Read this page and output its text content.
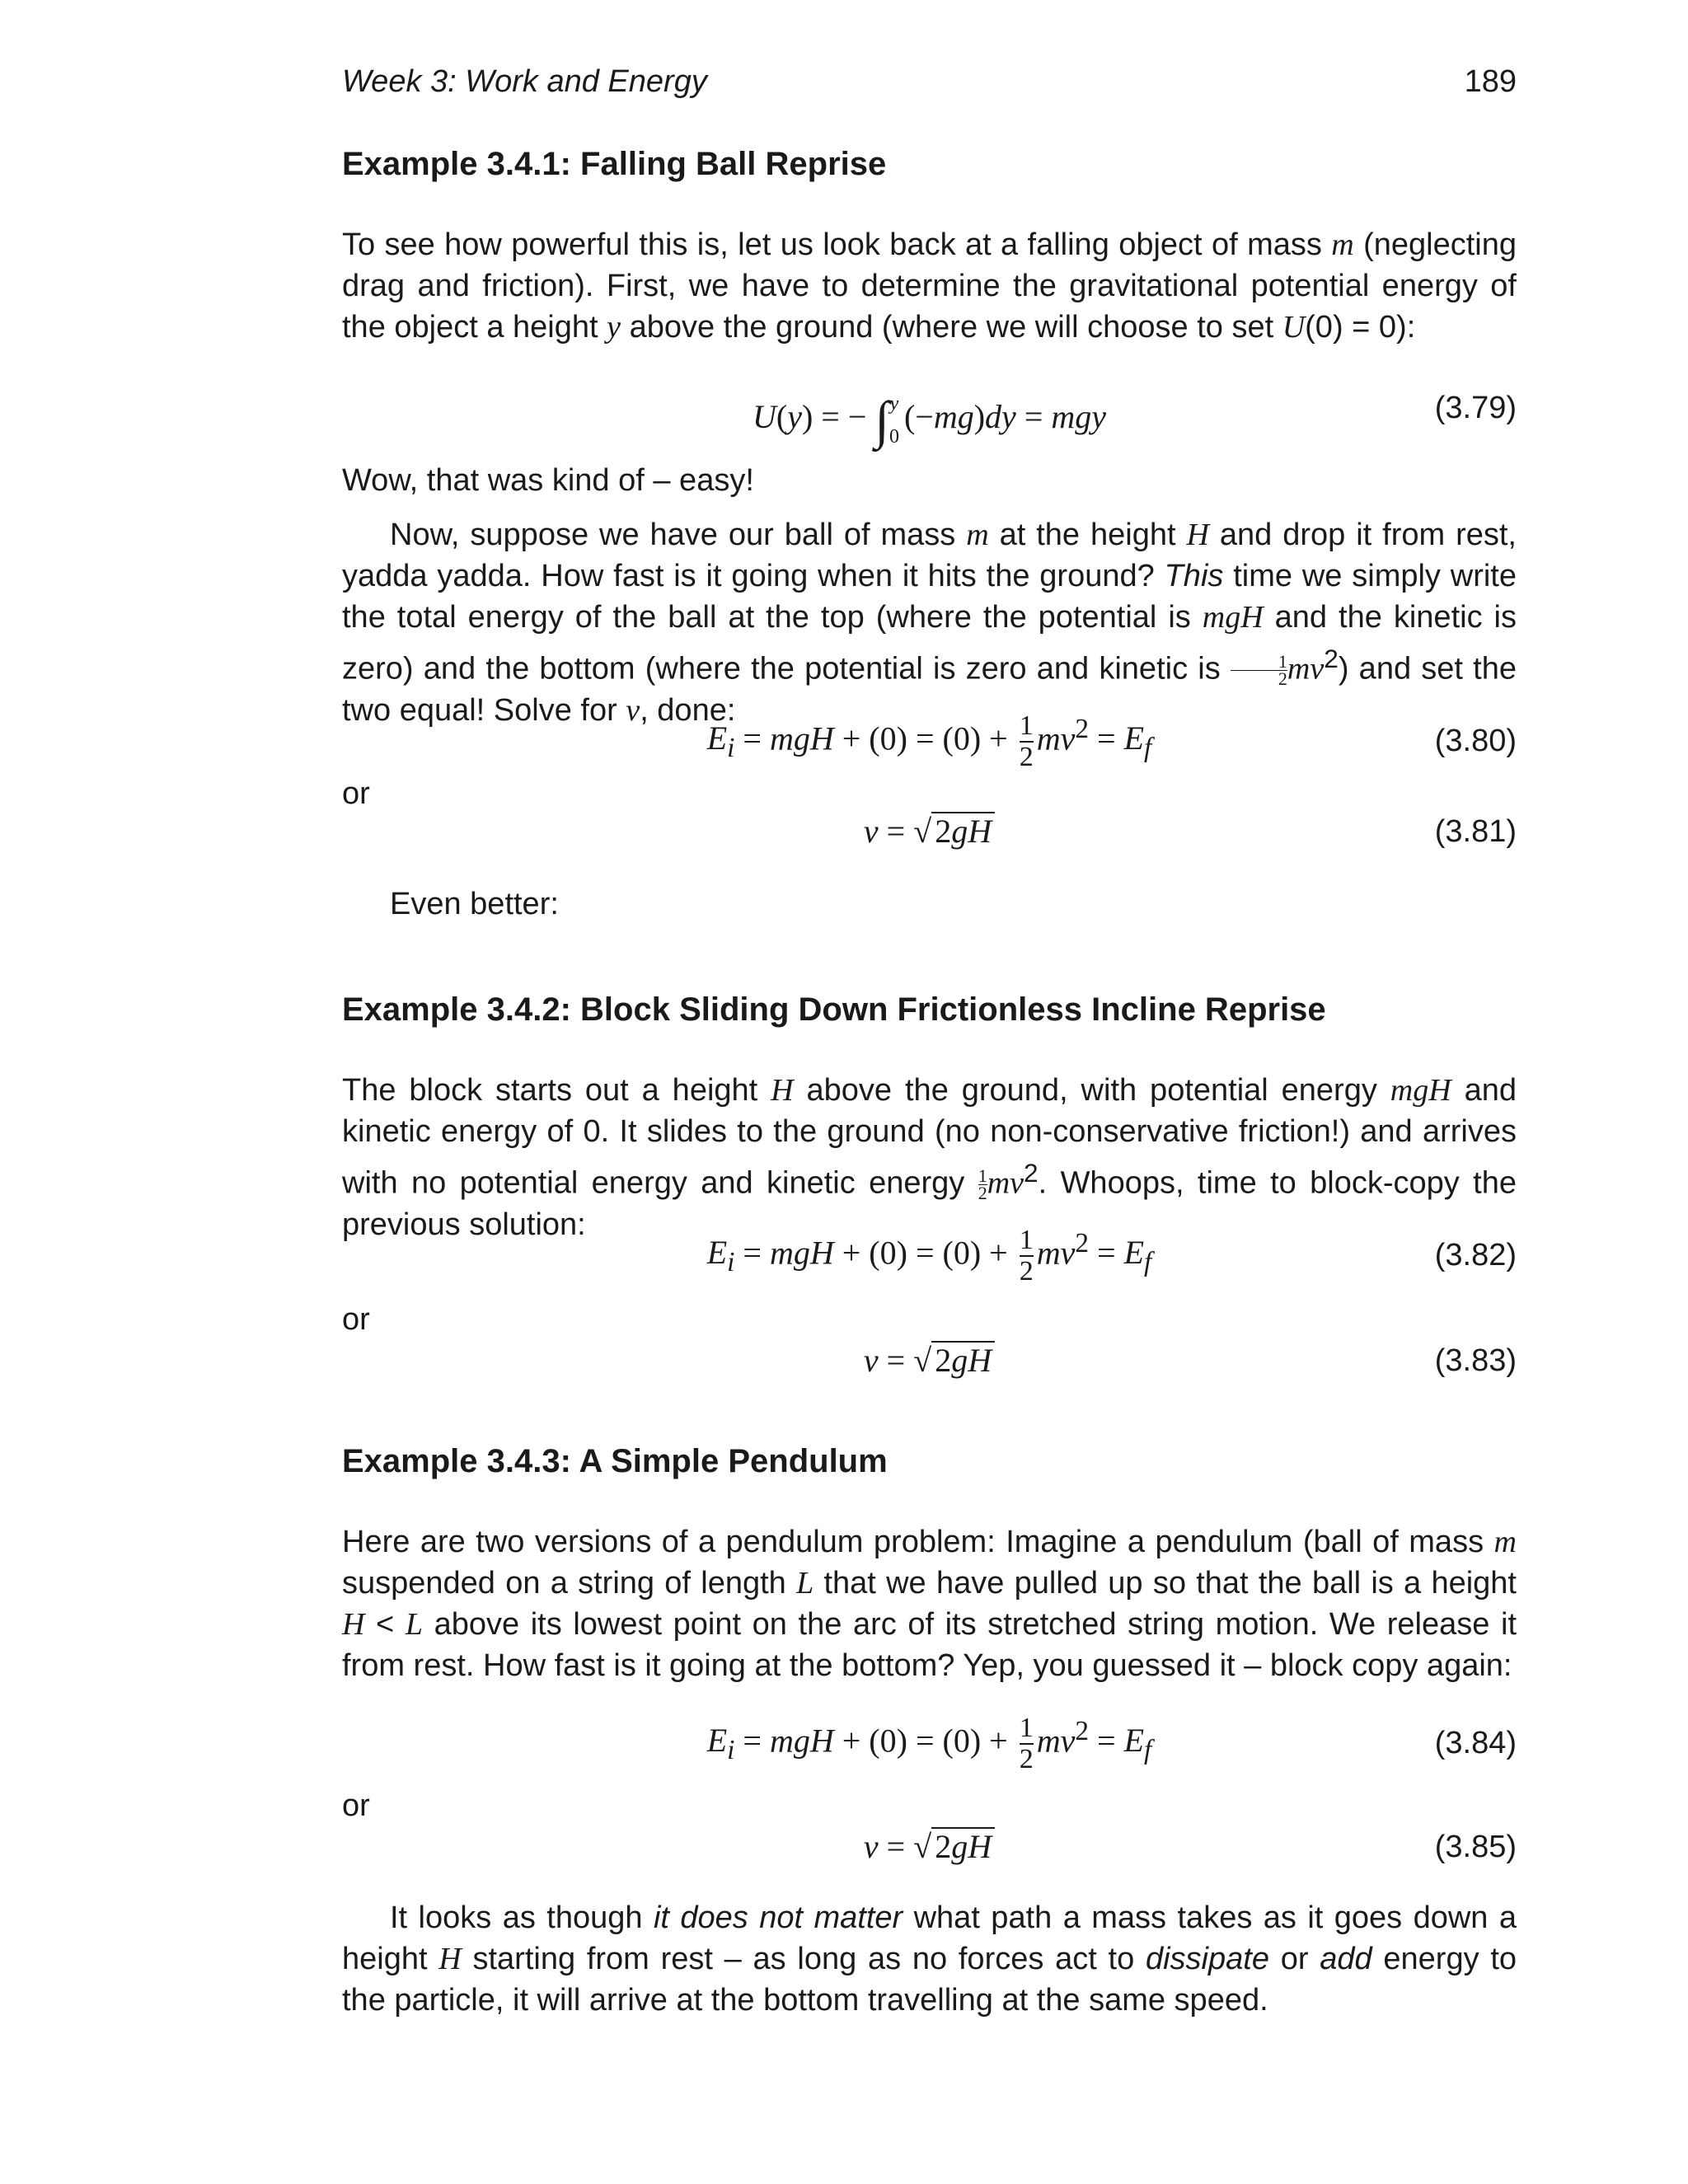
Week 3: Work and Energy	189
Example 3.4.1: Falling Ball Reprise
To see how powerful this is, let us look back at a falling object of mass m (neglecting drag and friction). First, we have to determine the gravitational potential energy of the object a height y above the ground (where we will choose to set U(0) = 0):
U(y) = − ∫ y
0
(−mg)dy = mgy	(3.79)
Wow, that was kind of – easy!
Now, suppose we have our ball of mass m at the height H and drop it from rest, yadda yadda. How fast is it going when it hits the ground? This time we simply write the total energy of the ball at the top (where the potential is mgH and the kinetic is zero) and the bottom (where the potential is zero and kinetic is $\frac{1}{2} mv^2$) and set the two equal! Solve for v, done:
$E_i$ = mgH + $(0) = (0) + \frac{1}{2} mv^2 = E_f$	(3.80)
or
v = √ 2gH	(3.81)
Even better:
Example 3.4.2: Block Sliding Down Frictionless Incline Reprise
The block starts out a height H above the ground, with potential energy mgH and kinetic energy of 0. It slides to the ground (no non-conservative friction!) and arrives with no potential energy and kinetic energy $\frac{1}{2} mv^2$. Whoops, time to block-copy the previous solution:
$E_i$ = mgH + $(0) = (0) + \frac{1}{2} mv^2 = E_f$	(3.82)
or
v = √ 2gH	(3.83)
Example 3.4.3: A Simple Pendulum
Here are two versions of a pendulum problem: Imagine a pendulum (ball of mass m suspended on a string of length L that we have pulled up so that the ball is a height H < L above its lowest point on the arc of its stretched string motion. We release it from rest. How fast is it going at the bottom? Yep, you guessed it – block copy again:
$E_i$ = mgH + $(0) = (0) + \frac{1}{2} mv^2 = E_f$	(3.84)
or
v = √ 2gH	(3.85)
It looks as though it does not matter what path a mass takes as it goes down a height H starting from rest – as long as no forces act to dissipate or add energy to the particle, it will arrive at the bottom travelling at the same speed.
